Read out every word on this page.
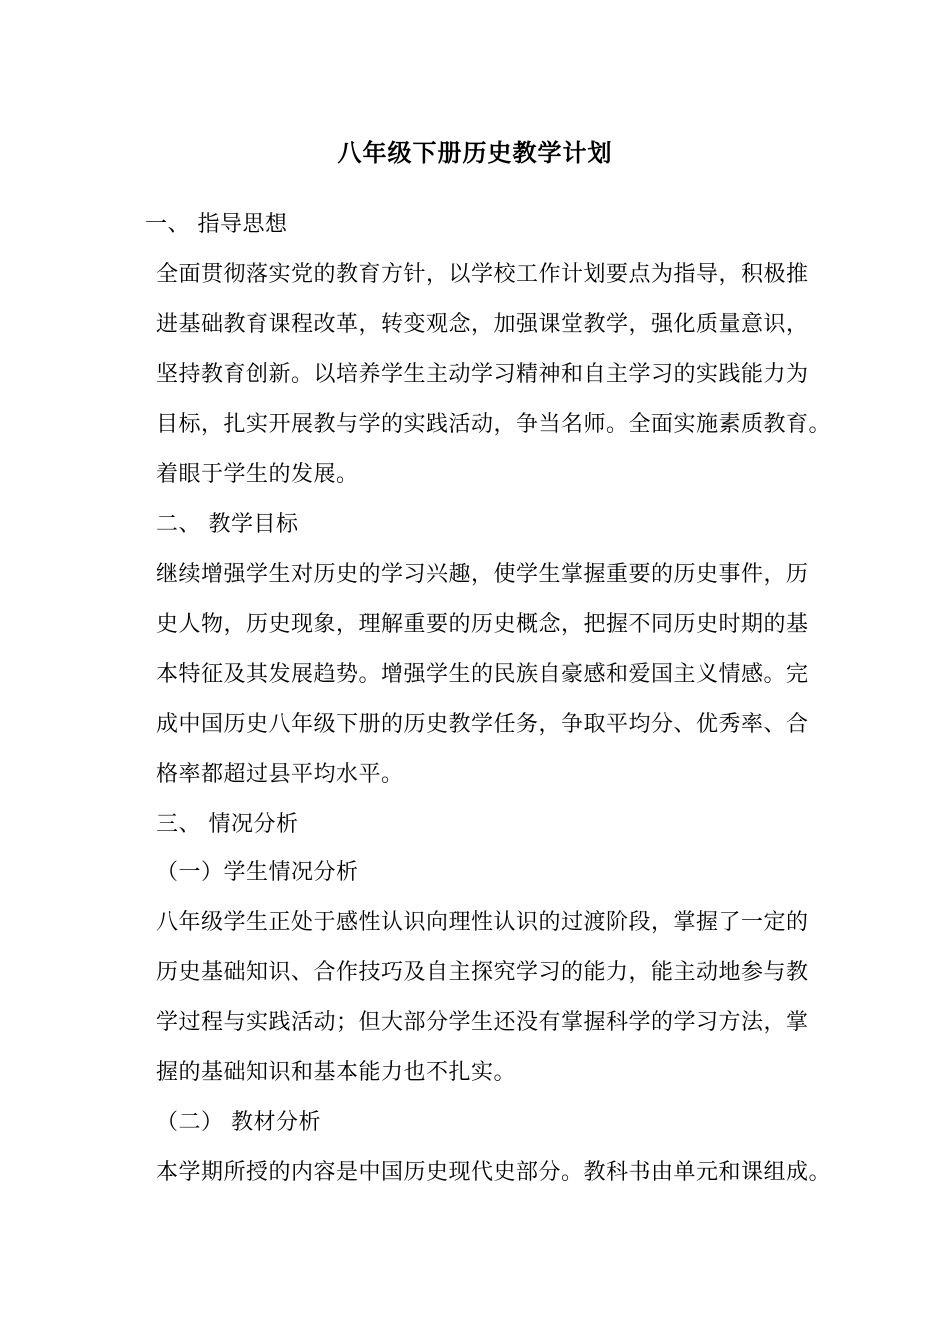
八年级下册历史教学计划
一、 指导思想
全面贯彻落实党的教育方针，以学校工作计划要点为指导，积极推
进基础教育课程改革，转变观念，加强课堂教学，强化质量意识，
坚持教育创新。以培养学生主动学习精神和自主学习的实践能力为
目标，扎实开展教与学的实践活动，争当名师。全面实施素质教育。
着眼于学生的发展。
二、 教学目标
继续增强学生对历史的学习兴趣，使学生掌握重要的历史事件，历
史人物，历史现象，理解重要的历史概念，把握不同历史时期的基
本特征及其发展趋势。增强学生的民族自豪感和爱国主义情感。完
成中国历史八年级下册的历史教学任务，争取平均分、优秀率、合
格率都超过县平均水平。
三、 情况分析
（一）学生情况分析
八年级学生正处于感性认识向理性认识的过渡阶段，掌握了一定的
历史基础知识、合作技巧及自主探究学习的能力，能主动地参与教
学过程与实践活动；但大部分学生还没有掌握科学的学习方法，掌
握的基础知识和基本能力也不扎实。
（二） 教材分析
本学期所授的内容是中国历史现代史部分。教科书由单元和课组成。
